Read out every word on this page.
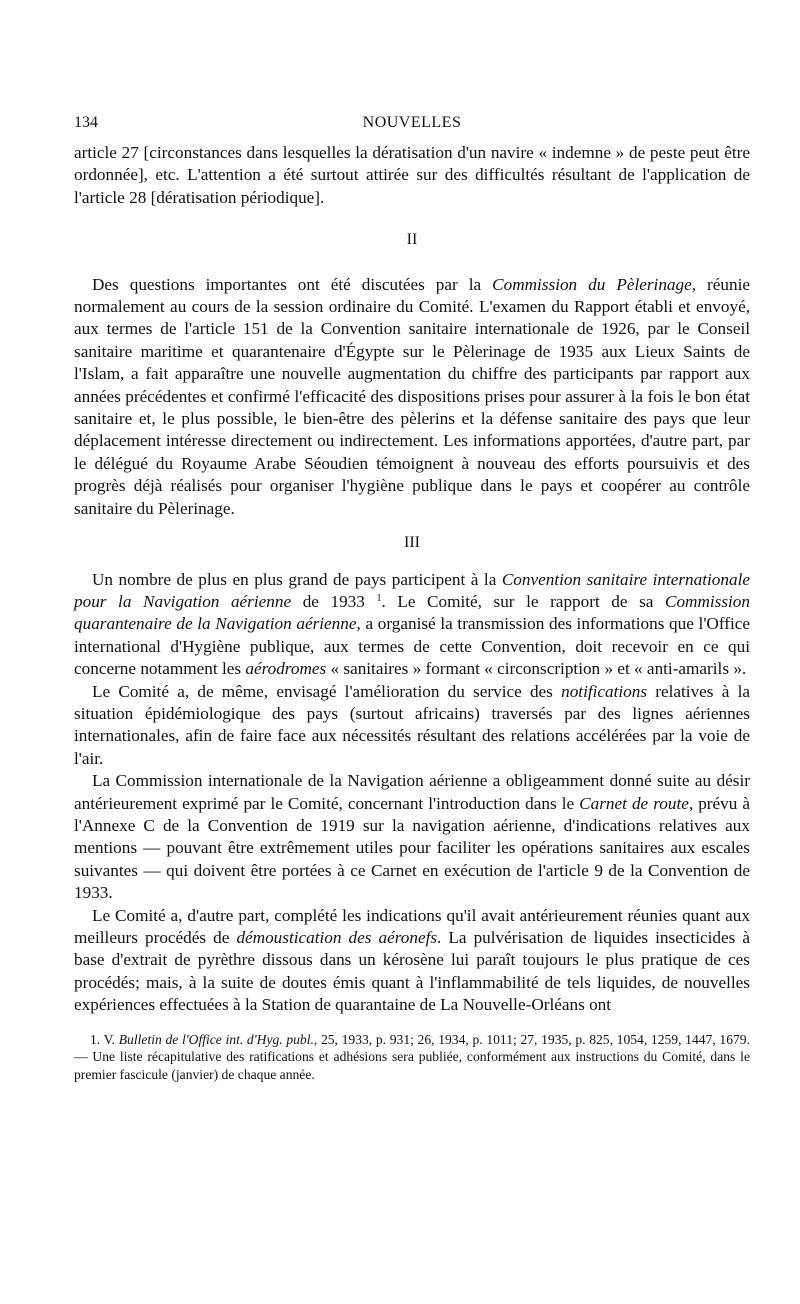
134	NOUVELLES

article 27 [circonstances dans lesquelles la dératisation d'un navire « indemne » de peste peut être ordonnée], etc. L'attention a été surtout attirée sur des difficultés résultant de l'application de l'article 28 [dératisation périodique].

II

Des questions importantes ont été discutées par la Commission du Pèlerinage, réunie normalement au cours de la session ordinaire du Comité. L'examen du Rapport établi et envoyé, aux termes de l'article 151 de la Convention sanitaire internationale de 1926, par le Conseil sanitaire maritime et quarantenaire d'Égypte sur le Pèlerinage de 1935 aux Lieux Saints de l'Islam, a fait apparaître une nouvelle augmentation du chiffre des participants par rapport aux années précédentes et confirmé l'efficacité des dispositions prises pour assurer à la fois le bon état sanitaire et, le plus possible, le bien-être des pèlerins et la défense sanitaire des pays que leur déplacement intéresse directement ou indirectement. Les informations apportées, d'autre part, par le délégué du Royaume Arabe Séoudien témoignent à nouveau des efforts poursuivis et des progrès déjà réalisés pour organiser l'hygiène publique dans le pays et coopérer au contrôle sanitaire du Pèlerinage.

III

Un nombre de plus en plus grand de pays participent à la Convention sanitaire internationale pour la Navigation aérienne de 1933 $^1$. Le Comité, sur le rapport de sa Commission quarantenaire de la Navigation aérienne, a organisé la transmission des informations que l'Office international d'Hygiène publique, aux termes de cette Convention, doit recevoir en ce qui concerne notamment les aérodromes « sanitaires » formant « circonscription » et « anti-amarils ».

Le Comité a, de même, envisagé l'amélioration du service des notifications relatives à la situation épidémiologique des pays (surtout africains) traversés par des lignes aériennes internationales, afin de faire face aux nécessités résultant des relations accélérées par la voie de l'air.

La Commission internationale de la Navigation aérienne a obligeamment donné suite au désir antérieurement exprimé par le Comité, concernant l'introduction dans le Carnet de route, prévu à l'Annexe C de la Convention de 1919 sur la navigation aérienne, d'indications relatives aux mentions — pouvant être extrêmement utiles pour faciliter les opérations sanitaires aux escales suivantes — qui doivent être portées à ce Carnet en exécution de l'article 9 de la Convention de 1933.

Le Comité a, d'autre part, complété les indications qu'il avait antérieurement réunies quant aux meilleurs procédés de démoustication des aéronefs. La pulvérisation de liquides insecticides à base d'extrait de pyrèthre dissous dans un kérosène lui paraît toujours le plus pratique de ces procédés; mais, à la suite de doutes émis quant à l'inflammabilité de tels liquides, de nouvelles expériences effectuées à la Station de quarantaine de La Nouvelle-Orléans ont

1. V. Bulletin de l'Office int. d'Hyg. publ., 25, 1933, p. 931; 26, 1934, p. 1011; 27, 1935, p. 825, 1054, 1259, 1447, 1679. — Une liste récapitulative des ratifications et adhésions sera publiée, conformément aux instructions du Comité, dans le premier fascicule (janvier) de chaque année.
